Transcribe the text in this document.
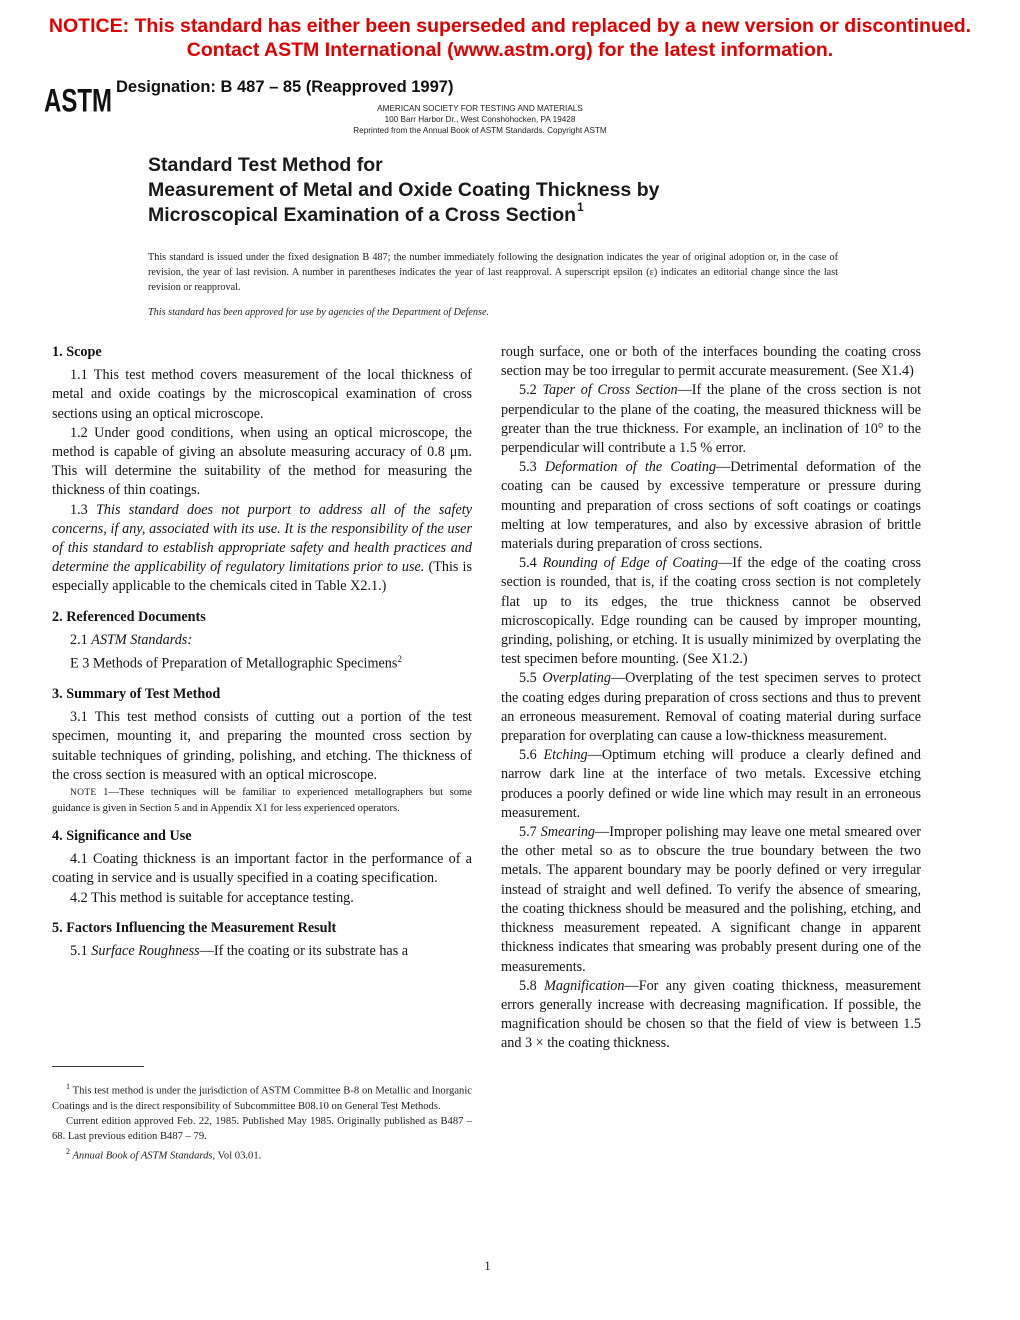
NOTICE: This standard has either been superseded and replaced by a new version or discontinued.

Contact ASTM International (www.astm.org) for the latest information.

ASTM Designation: B 487 – 85 (Reapproved 1997)

AMERICAN SOCIETY FOR TESTING AND MATERIALS
100 Barr Harbor Dr., West Conshohocken, PA 19428
Reprinted from the Annual Book of ASTM Standards. Copyright ASTM
Standard Test Method for
Measurement of Metal and Oxide Coating Thickness by
Microscopical Examination of a Cross Section$^1$

This standard is issued under the fixed designation B 487; the number immediately following the designation indicates the year of original adoption or, in the case of revision, the year of last revision. A number in parentheses indicates the year of last reapproval. A superscript epsilon (ε) indicates an editorial change since the last revision or reapproval.

This standard has been approved for use by agencies of the Department of Defense.

1. Scope

1.1 This test method covers measurement of the local thickness of metal and oxide coatings by the microscopical examination of cross sections using an optical microscope.

1.2 Under good conditions, when using an optical microscope, the method is capable of giving an absolute measuring accuracy of 0.8 μm. This will determine the suitability of the method for measuring the thickness of thin coatings.

1.3 This standard does not purport to address all of the safety concerns, if any, associated with its use. It is the responsibility of the user of this standard to establish appropriate safety and health practices and determine the applicability of regulatory limitations prior to use. (This is especially applicable to the chemicals cited in Table X2.1.)

2. Referenced Documents

2.1 ASTM Standards:

E 3 Methods of Preparation of Metallographic Specimens$^2$

3. Summary of Test Method

3.1 This test method consists of cutting out a portion of the test specimen, mounting it, and preparing the mounted cross section by suitable techniques of grinding, polishing, and etching. The thickness of the cross section is measured with an optical microscope.

NOTE 1—These techniques will be familiar to experienced metallographers but some guidance is given in Section 5 and in Appendix X1 for less experienced operators.

4. Significance and Use

4.1 Coating thickness is an important factor in the performance of a coating in service and is usually specified in a coating specification.

4.2 This method is suitable for acceptance testing.

5. Factors Influencing the Measurement Result

5.1 Surface Roughness—If the coating or its substrate has a

$^1$ This test method is under the jurisdiction of ASTM Committee B-8 on Metallic and Inorganic Coatings and is the direct responsibility of Subcommittee B08.10 on General Test Methods.

Current edition approved Feb. 22, 1985. Published May 1985. Originally published as B487 – 68. Last previous edition B487 – 79.

$^2$ Annual Book of ASTM Standards, Vol 03.01.

rough surface, one or both of the interfaces bounding the coating cross section may be too irregular to permit accurate measurement. (See X1.4)

5.2 Taper of Cross Section—If the plane of the cross section is not perpendicular to the plane of the coating, the measured thickness will be greater than the true thickness. For example, an inclination of 10° to the perpendicular will contribute a 1.5 % error.

5.3 Deformation of the Coating—Detrimental deformation of the coating can be caused by excessive temperature or pressure during mounting and preparation of cross sections of soft coatings or coatings melting at low temperatures, and also by excessive abrasion of brittle materials during preparation of cross sections.

5.4 Rounding of Edge of Coating—If the edge of the coating cross section is rounded, that is, if the coating cross section is not completely flat up to its edges, the true thickness cannot be observed microscopically. Edge rounding can be caused by improper mounting, grinding, polishing, or etching. It is usually minimized by overplating the test specimen before mounting. (See X1.2.)

5.5 Overplating—Overplating of the test specimen serves to protect the coating edges during preparation of cross sections and thus to prevent an erroneous measurement. Removal of coating material during surface preparation for overplating can cause a low-thickness measurement.

5.6 Etching—Optimum etching will produce a clearly defined and narrow dark line at the interface of two metals. Excessive etching produces a poorly defined or wide line which may result in an erroneous measurement.

5.7 Smearing—Improper polishing may leave one metal smeared over the other metal so as to obscure the true boundary between the two metals. The apparent boundary may be poorly defined or very irregular instead of straight and well defined. To verify the absence of smearing, the coating thickness should be measured and the polishing, etching, and thickness measurement repeated. A significant change in apparent thickness indicates that smearing was probably present during one of the measurements.

5.8 Magnification—For any given coating thickness, measurement errors generally increase with decreasing magnification. If possible, the magnification should be chosen so that the field of view is between 1.5 and 3 × the coating thickness.

1
